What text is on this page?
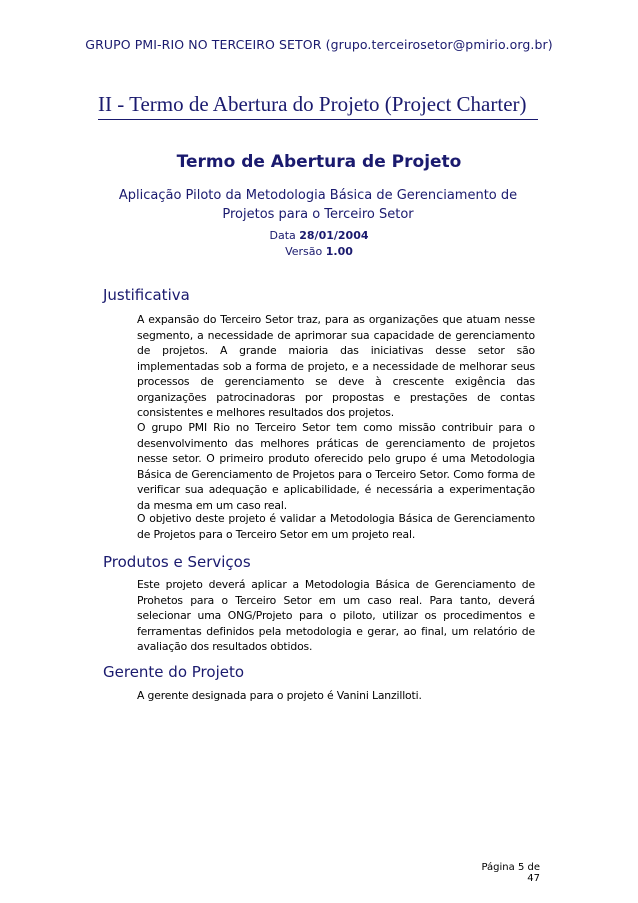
GRUPO PMI-RIO NO TERCEIRO SETOR (grupo.terceirosetor@pmirio.org.br)
II - Termo de Abertura do Projeto (Project Charter)
Termo de Abertura de Projeto
Aplicação Piloto da Metodologia Básica de Gerenciamento de Projetos para o Terceiro Setor
Data 28/01/2004
Versão 1.00
Justificativa
A expansão do Terceiro Setor traz, para as organizações que atuam nesse segmento, a necessidade de aprimorar sua capacidade de gerenciamento de projetos. A grande maioria das iniciativas desse setor são implementadas sob a forma de projeto, e a necessidade de melhorar seus processos de gerenciamento se deve à crescente exigência das organizações patrocinadoras por propostas e prestações de contas consistentes e melhores resultados dos projetos.
O grupo PMI Rio no Terceiro Setor tem como missão contribuir para o desenvolvimento das melhores práticas de gerenciamento de projetos nesse setor. O primeiro produto oferecido pelo grupo é uma Metodologia Básica de Gerenciamento de Projetos para o Terceiro Setor. Como forma de verificar sua adequação e aplicabilidade, é necessária a experimentação da mesma em um caso real.
O objetivo deste projeto é validar a Metodologia Básica de Gerenciamento de Projetos para o Terceiro Setor em um projeto real.
Produtos e Serviços
Este projeto deverá aplicar a Metodologia Básica de Gerenciamento de Prohetos para o Terceiro Setor em um caso real. Para tanto, deverá selecionar uma ONG/Projeto para o piloto, utilizar os procedimentos e ferramentas definidos pela metodologia e gerar, ao final, um relatório de avaliação dos resultados obtidos.
Gerente do Projeto
A gerente designada para o projeto é Vanini Lanzilloti.
Página 5 de 47
